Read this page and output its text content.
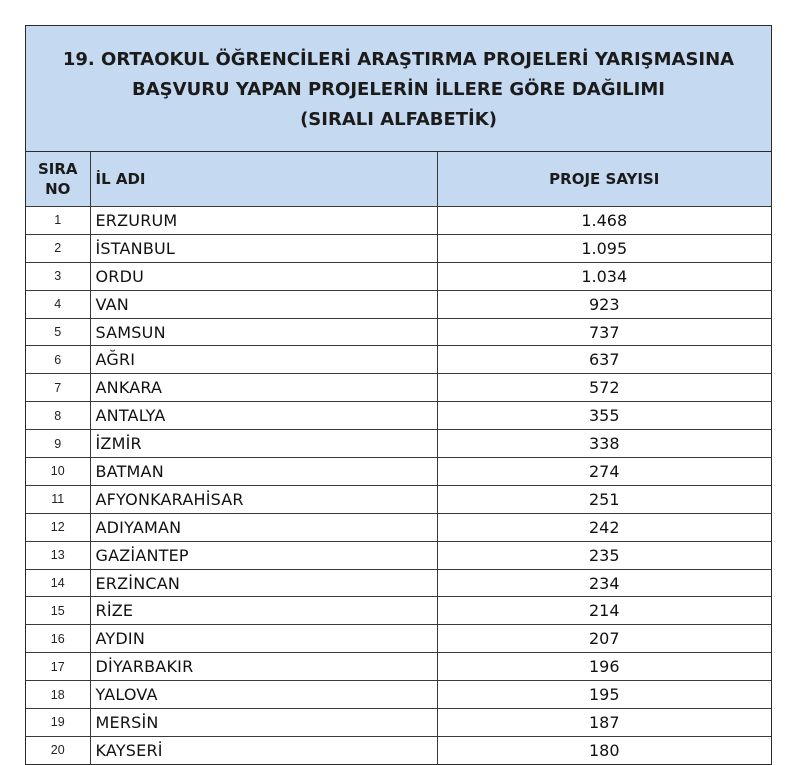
19. ORTAOKUL ÖĞRENCİLERİ ARAŞTIRMA PROJELERİ YARIŞMASINA
BAŞVURU YAPAN PROJELERİN İLLERE GÖRE DAĞILIMI
(SIRALI ALFABETİK)
SIRA
NO	İL ADI	PROJE SAYISI
1	ERZURUM	1.468
2	İSTANBUL	1.095
3	ORDU	1.034
4	VAN	923
5	SAMSUN	737
6	AĞRI	637
7	ANKARA	572
8	ANTALYA	355
9	İZMİR	338
10	BATMAN	274
11	AFYONKARAHİSAR	251
12	ADIYAMAN	242
13	GAZİANTEP	235
14	ERZİNCAN	234
15	RİZE	214
16	AYDIN	207
17	DİYARBAKIR	196
18	YALOVA	195
19	MERSİN	187
20	KAYSERİ	180
